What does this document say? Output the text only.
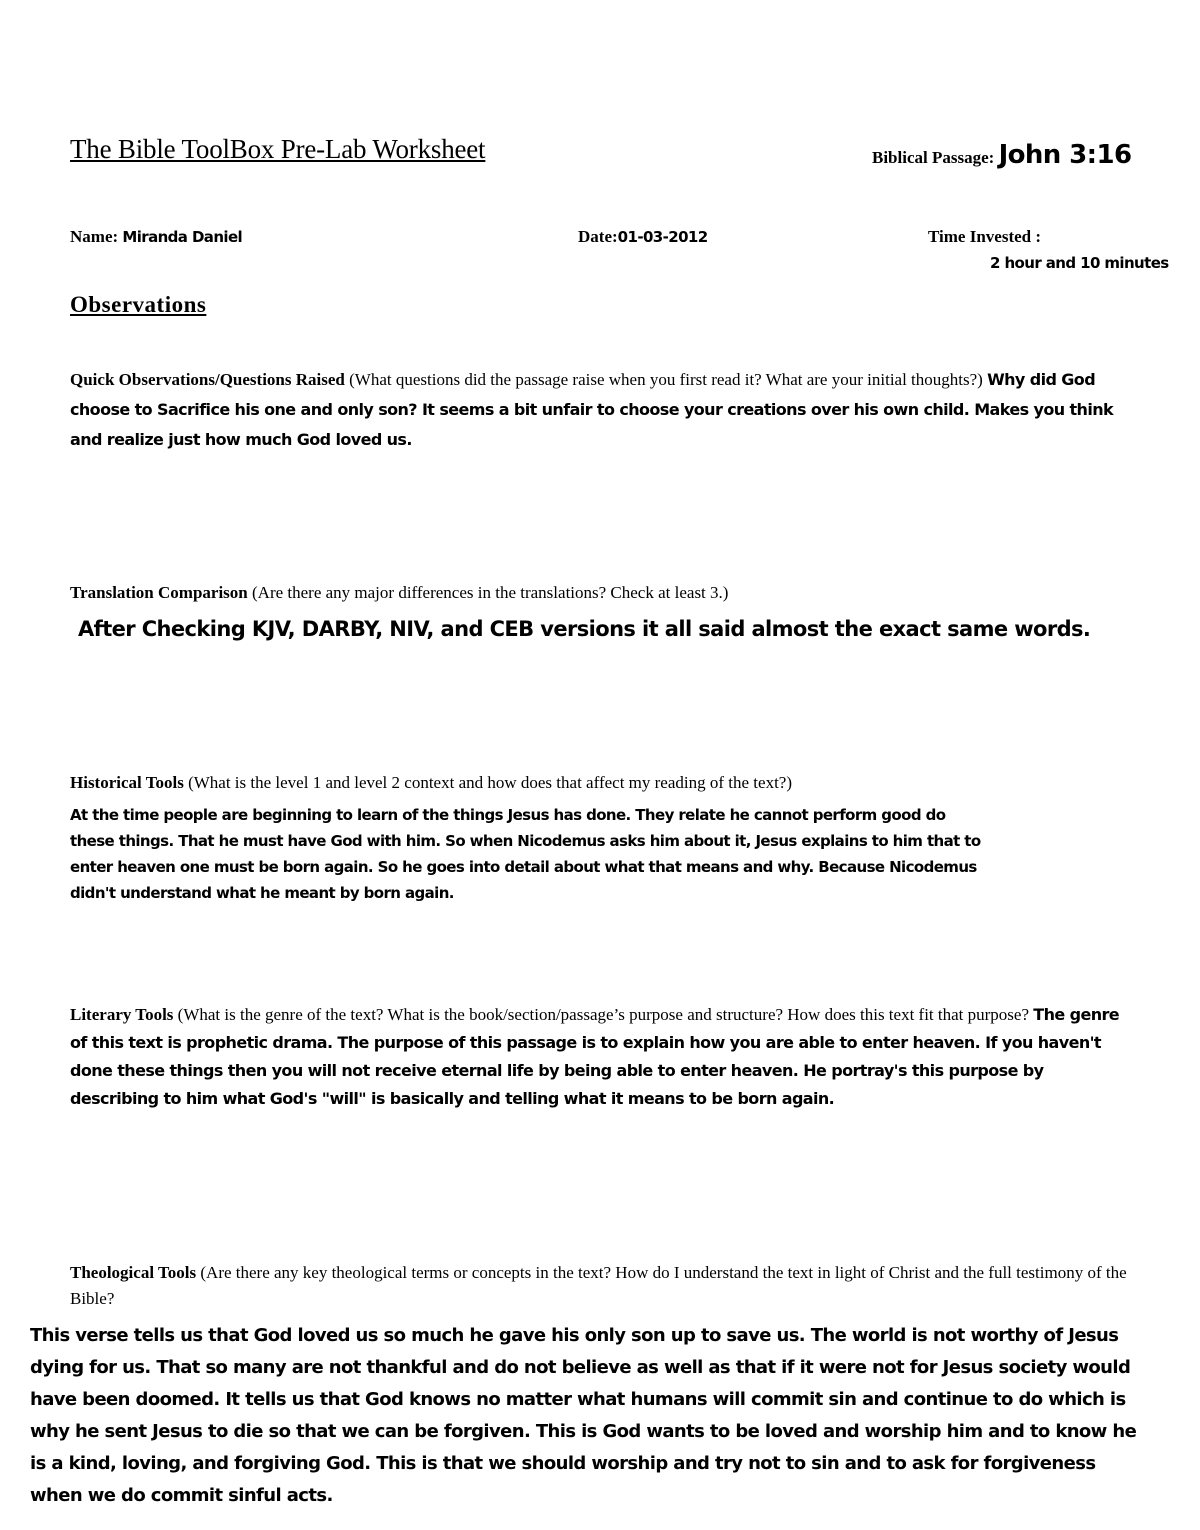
The Bible ToolBox Pre-Lab Worksheet	Biblical Passage: John 3:16
Name: Miranda Daniel	Date:01-03-2012	Time Invested :
2 hour and 10 minutes
Observations
Quick Observations/Questions Raised (What questions did the passage raise when you first read it? What are your initial thoughts?) Why did God choose to Sacrifice his one and only son? It seems a bit unfair to choose your creations over his own child. Makes you think and realize just how much God loved us.
Translation Comparison (Are there any major differences in the translations? Check at least 3.)
After Checking KJV, DARBY, NIV, and CEB versions it all said almost the exact same words.
Historical Tools (What is the level 1 and level 2 context and how does that affect my reading of the text?)
At the time people are beginning to learn of the things Jesus has done. They relate he cannot perform good do these things. That he must have God with him. So when Nicodemus asks him about it, Jesus explains to him that to enter heaven one must be born again. So he goes into detail about what that means and why. Because Nicodemus didn't understand what he meant by born again.
Literary Tools (What is the genre of the text? What is the book/section/passage’s purpose and structure? How does this text fit that purpose? The genre of this text is prophetic drama. The purpose of this passage is to explain how you are able to enter heaven. If you haven't done these things then you will not receive eternal life by being able to enter heaven. He portray's this purpose by describing to him what God's "will" is basically and telling what it means to be born again.
Theological Tools (Are there any key theological terms or concepts in the text? How do I understand the text in light of Christ and the full testimony of the Bible?
This verse tells us that God loved us so much he gave his only son up to save us. The world is not worthy of Jesus dying for us. That so many are not thankful and do not believe as well as that if it were not for Jesus society would have been doomed. It tells us that God knows no matter what humans will commit sin and continue to do which is why he sent Jesus to die so that we can be forgiven. This is God wants to be loved and worship him and to know he is a kind, loving, and forgiving God. This is that we should worship and try not to sin and to ask for forgiveness when we do commit sinful acts.
